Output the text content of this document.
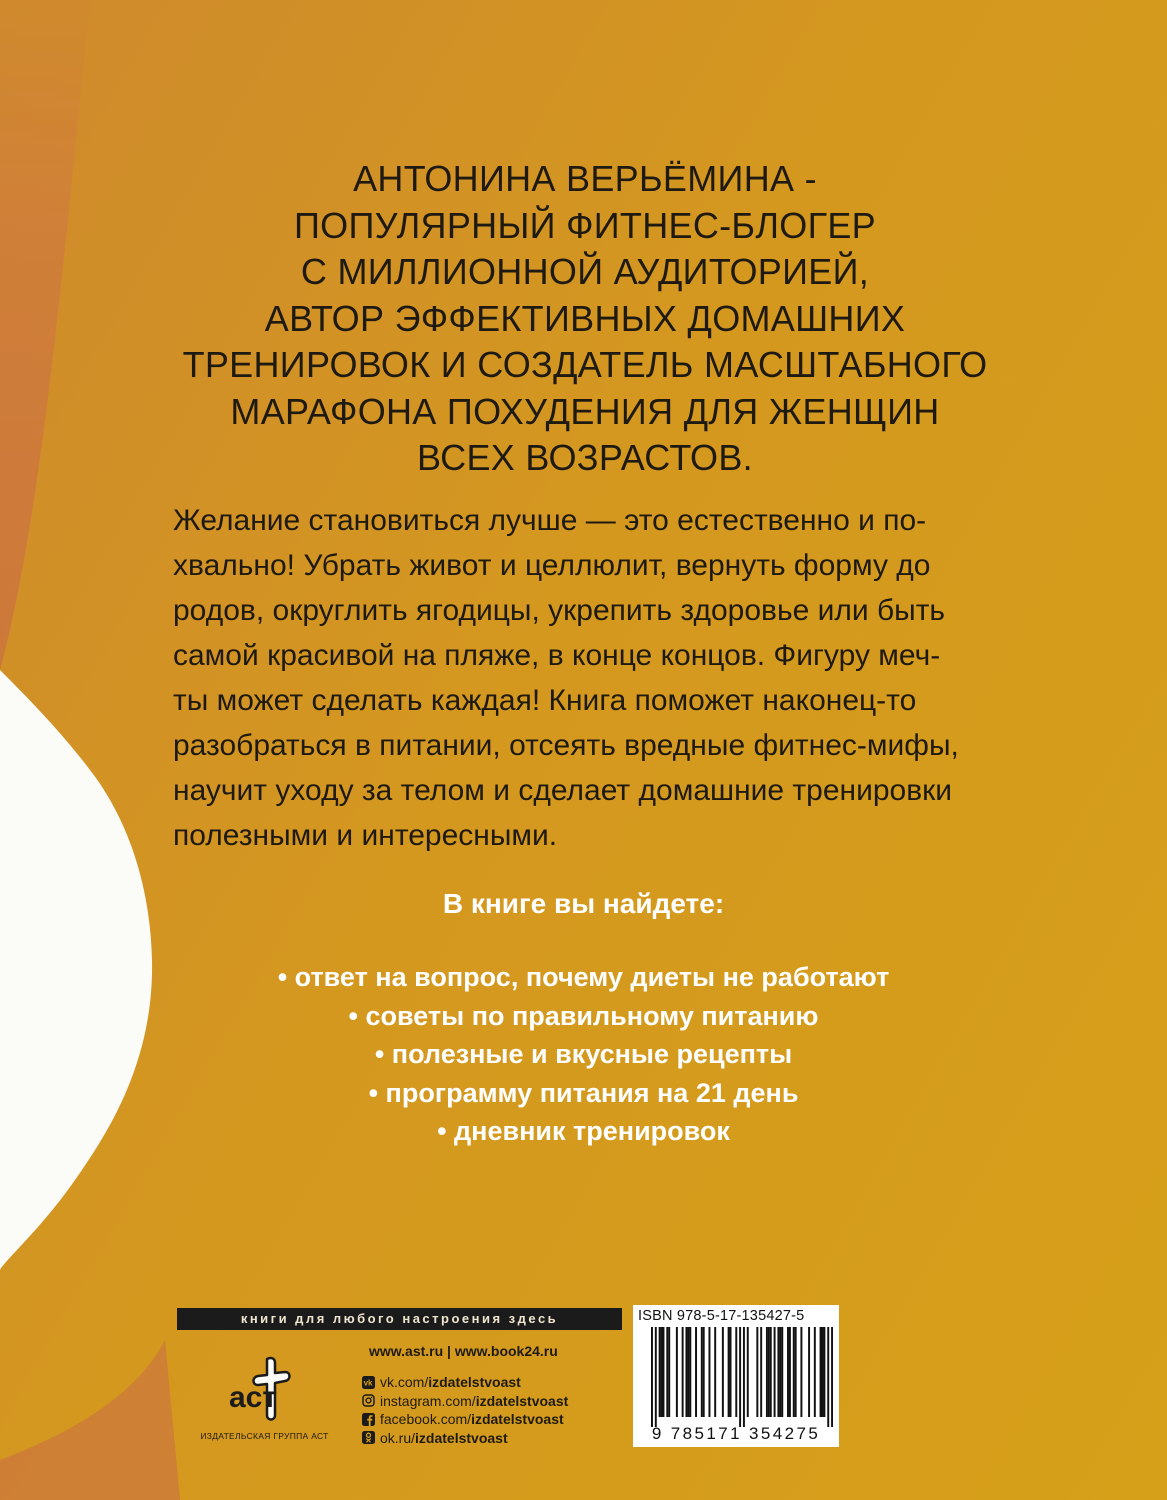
АНТОНИНА ВЕРЬЁМИНА -
ПОПУЛЯРНЫЙ ФИТНЕС-БЛОГЕР
С МИЛЛИОННОЙ АУДИТОРИЕЙ,
АВТОР ЭФФЕКТИВНЫХ ДОМАШНИХ
ТРЕНИРОВОК И СОЗДАТЕЛЬ МАСШТАБНОГО
МАРАФОНА ПОХУДЕНИЯ ДЛЯ ЖЕНЩИН
ВСЕХ ВОЗРАСТОВ.
Желание становиться лучше — это естественно и по-
хвально! Убрать живот и целлюлит, вернуть форму до
родов, округлить ягодицы, укрепить здоровье или быть
самой красивой на пляже, в конце концов. Фигуру меч-
ты может сделать каждая! Книга поможет наконец-то
разобраться в питании, отсеять вредные фитнес-мифы,
научит уходу за телом и сделает домашние тренировки
полезными и интересными.
В книге вы найдете:
• ответ на вопрос, почему диеты не работают
• советы по правильному питанию
• полезные и вкусные рецепты
• программу питания на 21 день
• дневник тренировок
книги для любого настроения здесь
аст
ИЗДАТЕЛЬСКАЯ ГРУППА АСТ
www.ast.ru | www.book24.ru
vk vk.com/izdatelstvoast
instagram.com/izdatelstvoast
facebook.com/izdatelstvoast
ok.ru/izdatelstvoast
ISBN 978-5-17-135427-5
9 785171 354275
